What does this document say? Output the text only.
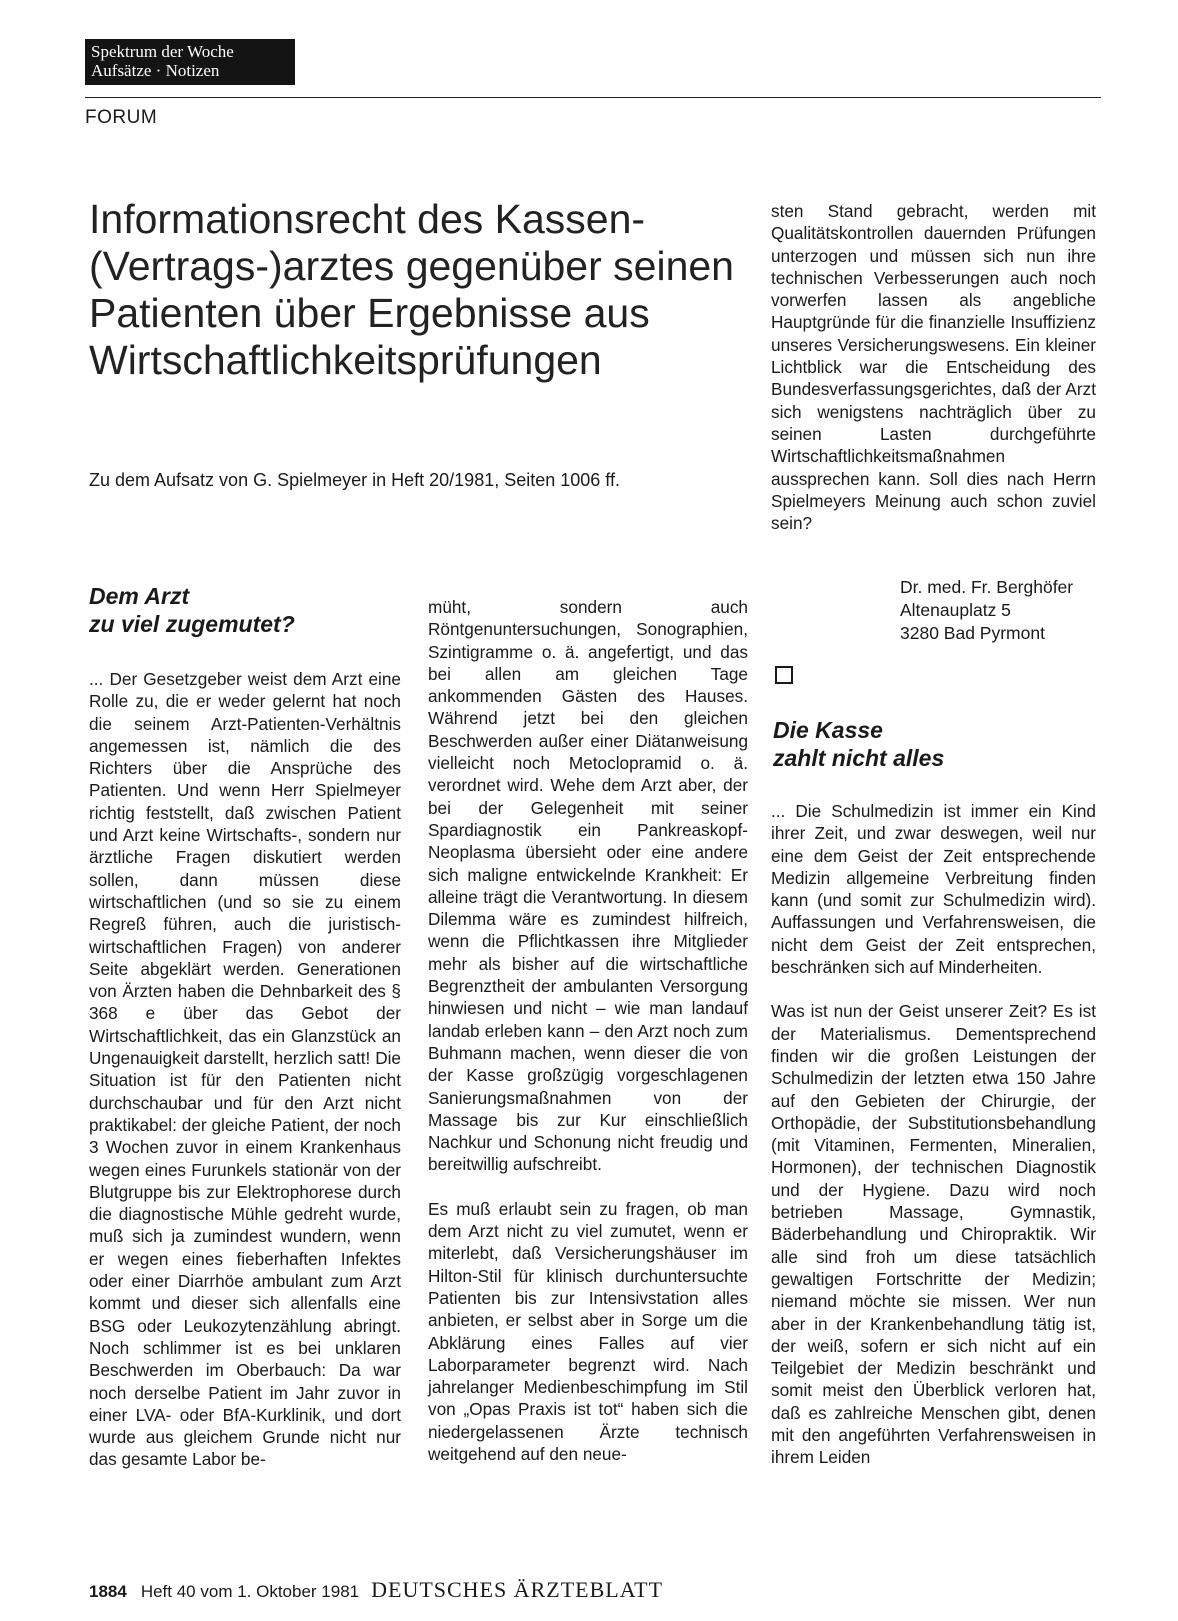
Spektrum der Woche
Aufsätze · Notizen
FORUM
Informationsrecht des Kassen-
(Vertrags-)arztes gegenüber seinen
Patienten über Ergebnisse aus
Wirtschaftlichkeitsprüfungen
Zu dem Aufsatz von G. Spielmeyer in Heft 20/1981, Seiten 1006 ff.
Dem Arzt
zu viel zugemutet?

... Der Gesetzgeber weist dem Arzt eine Rolle zu, die er weder gelernt hat noch die seinem Arzt-Patienten-Verhältnis angemessen ist, nämlich die des Richters über die Ansprüche des Patienten. Und wenn Herr Spielmeyer richtig feststellt, daß zwischen Patient und Arzt keine Wirtschafts-, sondern nur ärztliche Fragen diskutiert werden sollen, dann müssen diese wirtschaftlichen (und so sie zu einem Regreß führen, auch die juristisch-wirtschaftlichen Fragen) von anderer Seite abgeklärt werden. Generationen von Ärzten haben die Dehnbarkeit des § 368 e über das Gebot der Wirtschaftlichkeit, das ein Glanzstück an Ungenauigkeit darstellt, herzlich satt! Die Situation ist für den Patienten nicht durchschaubar und für den Arzt nicht praktikabel: der gleiche Patient, der noch 3 Wochen zuvor in einem Krankenhaus wegen eines Furunkels stationär von der Blutgruppe bis zur Elektrophorese durch die diagnostische Mühle gedreht wurde, muß sich ja zumindest wundern, wenn er wegen eines fieberhaften Infektes oder einer Diarrhöe ambulant zum Arzt kommt und dieser sich allenfalls eine BSG oder Leukozytenzählung abringt. Noch schlimmer ist es bei unklaren Beschwerden im Oberbauch: Da war noch derselbe Patient im Jahr zuvor in einer LVA- oder BfA-Kurklinik, und dort wurde aus gleichem Grunde nicht nur das gesamte Labor be-

müht, sondern auch Röntgenuntersuchungen, Sonographien, Szintigramme o. ä. angefertigt, und das bei allen am gleichen Tage ankommenden Gästen des Hauses. Während jetzt bei den gleichen Beschwerden außer einer Diätanweisung vielleicht noch Metoclopramid o. ä. verordnet wird. Wehe dem Arzt aber, der bei der Gelegenheit mit seiner Spardiagnostik ein Pankreaskopf-Neoplasma übersieht oder eine andere sich maligne entwickelnde Krankheit: Er alleine trägt die Verantwortung. In diesem Dilemma wäre es zumindest hilfreich, wenn die Pflichtkassen ihre Mitglieder mehr als bisher auf die wirtschaftliche Begrenztheit der ambulanten Versorgung hinwiesen und nicht – wie man landauf landab erleben kann – den Arzt noch zum Buhmann machen, wenn dieser die von der Kasse großzügig vorgeschlagenen Sanierungsmaßnahmen von der Massage bis zur Kur einschließlich Nachkur und Schonung nicht freudig und bereitwillig aufschreibt.

Es muß erlaubt sein zu fragen, ob man dem Arzt nicht zu viel zumutet, wenn er miterlebt, daß Versicherungshäuser im Hilton-Stil für klinisch durchuntersuchte Patienten bis zur Intensivstation alles anbieten, er selbst aber in Sorge um die Abklärung eines Falles auf vier Laborparameter begrenzt wird. Nach jahrelanger Medienbeschimpfung im Stil von „Opas Praxis ist tot“ haben sich die niedergelassenen Ärzte technisch weitgehend auf den neue-

sten Stand gebracht, werden mit Qualitätskontrollen dauernden Prüfungen unterzogen und müssen sich nun ihre technischen Verbesserungen auch noch vorwerfen lassen als angebliche Hauptgründe für die finanzielle Insuffizienz unseres Versicherungswesens. Ein kleiner Lichtblick war die Entscheidung des Bundesverfassungsgerichtes, daß der Arzt sich wenigstens nachträglich über zu seinen Lasten durchgeführte Wirtschaftlichkeitsmaßnahmen aussprechen kann. Soll dies nach Herrn Spielmeyers Meinung auch schon zuviel sein?

Dr. med. Fr. Berghöfer
Altenauplatz 5
3280 Bad Pyrmont
Die Kasse
zahlt nicht alles

... Die Schulmedizin ist immer ein Kind ihrer Zeit, und zwar deswegen, weil nur eine dem Geist der Zeit entsprechende Medizin allgemeine Verbreitung finden kann (und somit zur Schulmedizin wird). Auffassungen und Verfahrensweisen, die nicht dem Geist der Zeit entsprechen, beschränken sich auf Minderheiten.

Was ist nun der Geist unserer Zeit? Es ist der Materialismus. Dementsprechend finden wir die großen Leistungen der Schulmedizin der letzten etwa 150 Jahre auf den Gebieten der Chirurgie, der Orthopädie, der Substitutionsbehandlung (mit Vitaminen, Fermenten, Mineralien, Hormonen), der technischen Diagnostik und der Hygiene. Dazu wird noch betrieben Massage, Gymnastik, Bäderbehandlung und Chiropraktik. Wir alle sind froh um diese tatsächlich gewaltigen Fortschritte der Medizin; niemand möchte sie missen. Wer nun aber in der Krankenbehandlung tätig ist, der weiß, sofern er sich nicht auf ein Teilgebiet der Medizin beschränkt und somit meist den Überblick verloren hat, daß es zahlreiche Menschen gibt, denen mit den angeführten Verfahrensweisen in ihrem Leiden

1884 Heft 40 vom 1. Oktober 1981 DEUTSCHES ÄRZTEBLATT
